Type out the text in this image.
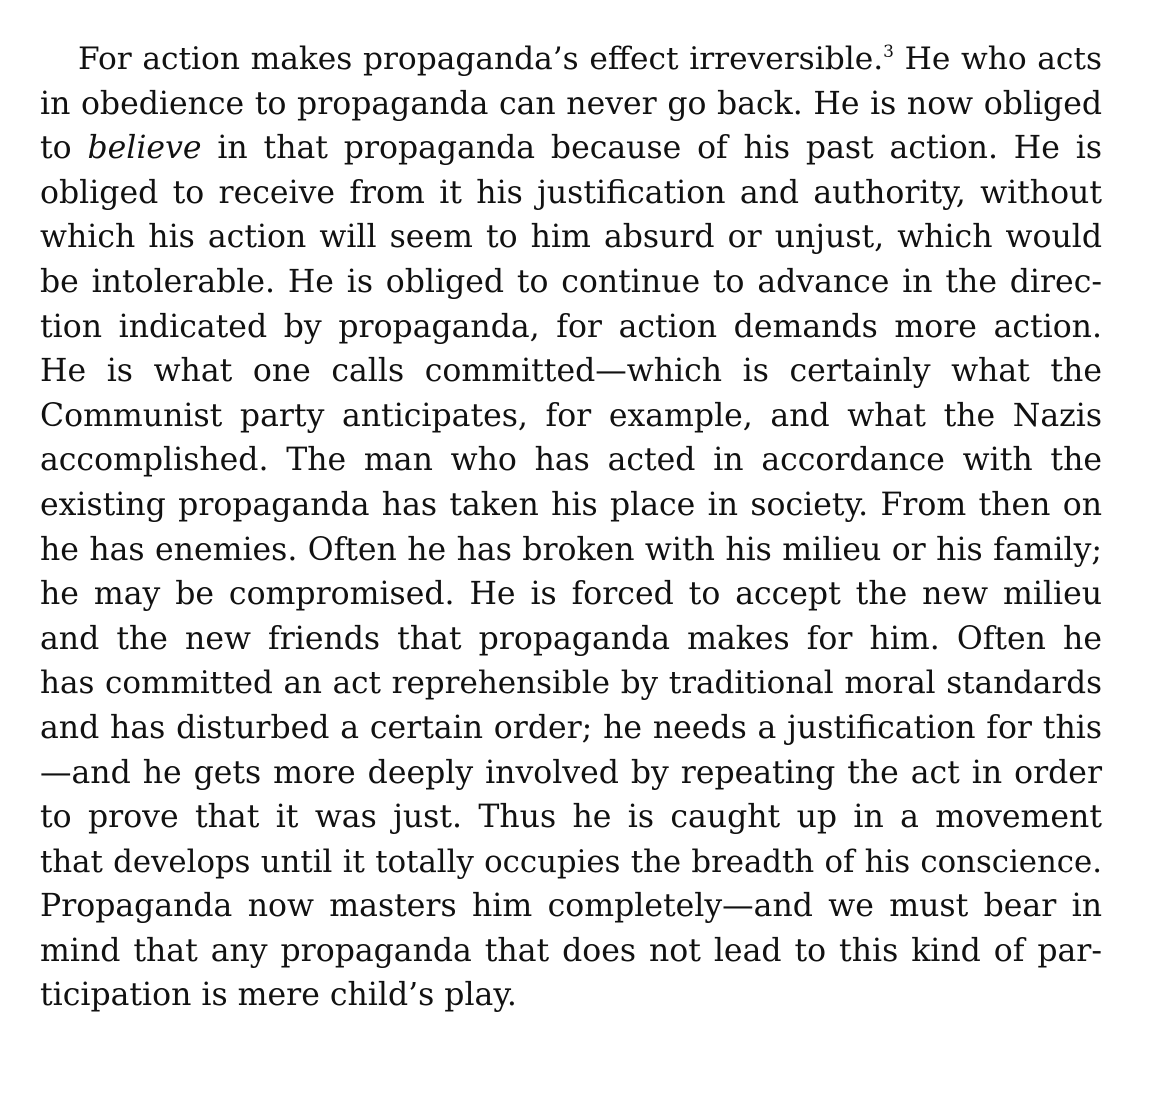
For action makes propaganda’s effect irreversible.$^3$ He who acts
in obedience to propaganda can never go back. He is now obliged
to believe in that propaganda because of his past action. He is
obliged to receive from it his justification and authority, without
which his action will seem to him absurd or unjust, which would
be intolerable. He is obliged to continue to advance in the direc-
tion indicated by propaganda, for action demands more action.
He is what one calls committed—which is certainly what the
Communist party anticipates, for example, and what the Nazis
accomplished. The man who has acted in accordance with the
existing propaganda has taken his place in society. From then on
he has enemies. Often he has broken with his milieu or his family;
he may be compromised. He is forced to accept the new milieu
and the new friends that propaganda makes for him. Often he
has committed an act reprehensible by traditional moral standards
and has disturbed a certain order; he needs a justification for this
—and he gets more deeply involved by repeating the act in order
to prove that it was just. Thus he is caught up in a movement
that develops until it totally occupies the breadth of his conscience.
Propaganda now masters him completely—and we must bear in
mind that any propaganda that does not lead to this kind of par-
ticipation is mere child’s play.
